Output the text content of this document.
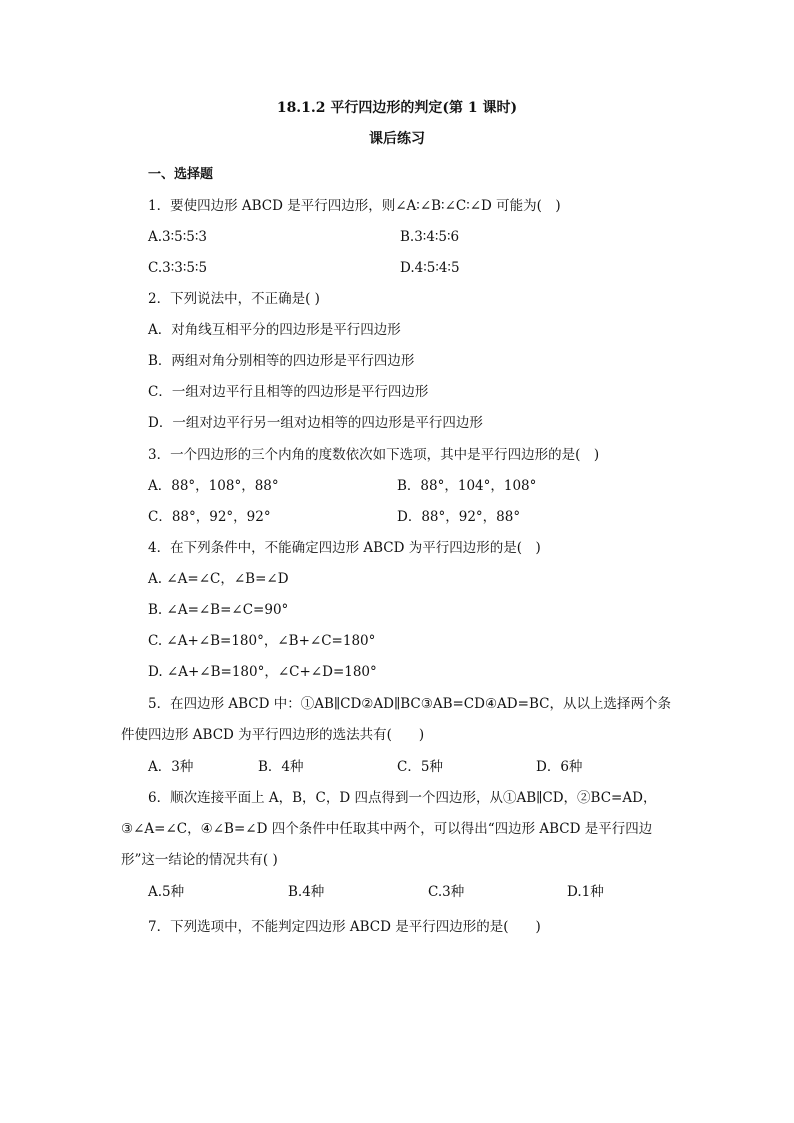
18.1.2 平行四边形的判定(第 1 课时)
课后练习
一、选择题
1．要使四边形 ABCD 是平行四边形，则∠A∶∠B∶∠C∶∠D 可能为(　)
A.3∶5∶5∶3	B.3∶4∶5∶6
C.3∶3∶5∶5	D.4∶5∶4∶5
2．下列说法中，不正确是( )
A．对角线互相平分的四边形是平行四边形
B．两组对角分别相等的四边形是平行四边形
C．一组对边平行且相等的四边形是平行四边形
D．一组对边平行另一组对边相等的四边形是平行四边形
3．一个四边形的三个内角的度数依次如下选项，其中是平行四边形的是(　)
A．88°，108°，88°	B．88°，104°，108°
C．88°，92°，92°	D．88°，92°，88°
4．在下列条件中，不能确定四边形 ABCD 为平行四边形的是(　)
A. ∠A=∠C，∠B=∠D
B. ∠A=∠B=∠C=90°
C. ∠A+∠B=180°，∠B+∠C=180°
D. ∠A+∠B=180°，∠C+∠D=180°
5．在四边形 ABCD 中：①AB∥CD②AD∥BC③AB=CD④AD=BC，从以上选择两个条
件使四边形 ABCD 为平行四边形的选法共有(　　)
A．3种	B．4种	C．5种	D．6种
6．顺次连接平面上 A，B，C，D 四点得到一个四边形，从①AB∥CD，②BC=AD，
③∠A=∠C，④∠B=∠D 四个条件中任取其中两个，可以得出“四边形 ABCD 是平行四边
形”这一结论的情况共有( )
A.5种	B.4种	C.3种	D.1种
7．下列选项中，不能判定四边形 ABCD 是平行四边形的是(　　)
